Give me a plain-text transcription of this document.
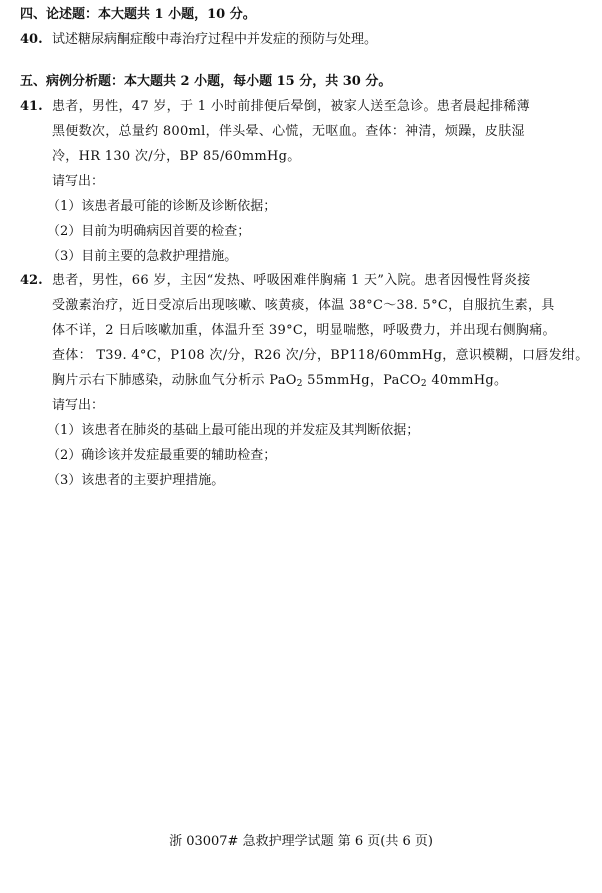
四、论述题：本大题共 1 小题，10 分。
40. 试述糖尿病酮症酸中毒治疗过程中并发症的预防与处理。
五、病例分析题：本大题共 2 小题，每小题 15 分，共 30 分。
41. 患者，男性，47 岁，于 1 小时前排便后晕倒，被家人送至急诊。患者晨起排稀薄
黑便数次，总量约 800ml，伴头晕、心慌，无呕血。查体：神清，烦躁，皮肤湿
冷，HR 130 次/分，BP 85/60mmHg。
请写出：
（1）该患者最可能的诊断及诊断依据；
（2）目前为明确病因首要的检查；
（3）目前主要的急救护理措施。
42. 患者，男性，66 岁，主因“发热、呼吸困难伴胸痛 1 天”入院。患者因慢性肾炎接
受激素治疗，近日受凉后出现咳嗽、咳黄痰，体温 38°C～38. 5°C，自服抗生素，具
体不详，2 日后咳嗽加重，体温升至 39°C，明显喘憋，呼吸费力，并出现右侧胸痛。
查体： T39. 4°C，P108 次/分，R26 次/分，BP118/60mmHg，意识模糊，口唇发绀。
胸片示右下肺感染，动脉血气分析示 PaO$_2$ 55mmHg，PaCO$_2$ 40mmHg。
请写出：
（1）该患者在肺炎的基础上最可能出现的并发症及其判断依据；
（2）确诊该并发症最重要的辅助检查；
（3）该患者的主要护理措施。
浙 03007# 急救护理学试题 第 6 页(共 6 页)
